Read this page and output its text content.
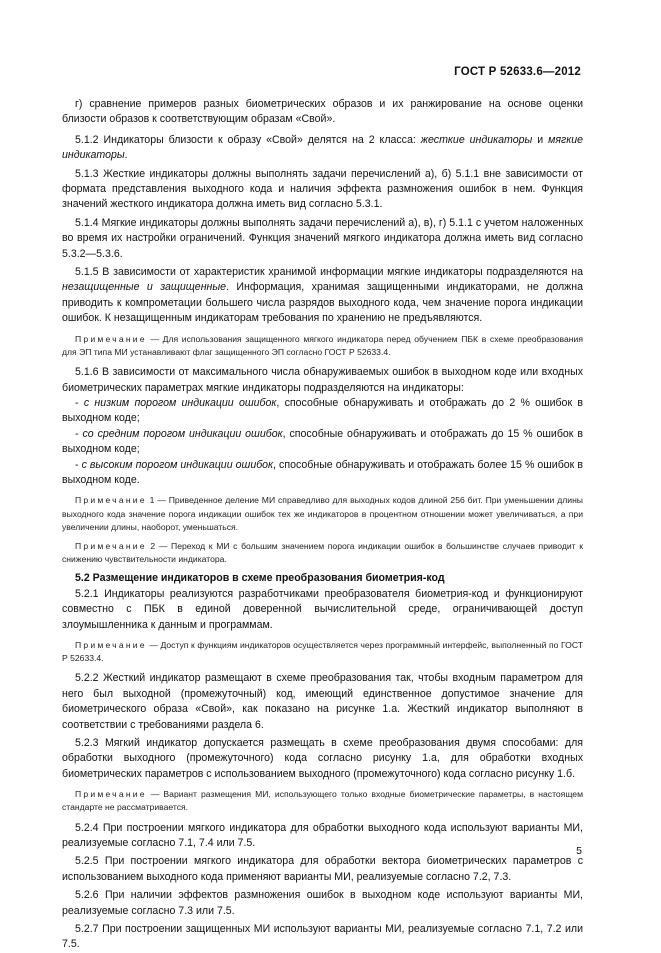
ГОСТ Р 52633.6—2012

г) сравнение примеров разных биометрических образов и их ранжирование на основе оценки близости образов к соответствующим образам «Свой».

5.1.2 Индикаторы близости к образу «Свой» делятся на 2 класса: жесткие индикаторы и мягкие индикаторы.

5.1.3 Жесткие индикаторы должны выполнять задачи перечислений а), б) 5.1.1 вне зависимости от формата представления выходного кода и наличия эффекта размножения ошибок в нем. Функция значений жесткого индикатора должна иметь вид согласно 5.3.1.

5.1.4 Мягкие индикаторы должны выполнять задачи перечислений а), в), г) 5.1.1 с учетом наложенных во время их настройки ограничений. Функция значений мягкого индикатора должна иметь вид согласно 5.3.2—5.3.6.

5.1.5 В зависимости от характеристик хранимой информации мягкие индикаторы подразделяются на незащищенные и защищенные. Информация, хранимая защищенными индикаторами, не должна приводить к компрометации большего числа разрядов выходного кода, чем значение порога индикации ошибок. К незащищенным индикаторам требования по хранению не предъявляются.

Примечание — Для использования защищенного мягкого индикатора перед обучением ПБК в схеме преобразования для ЭП типа МИ устанавливают флаг защищенного ЭП согласно ГОСТ Р 52633.4.

5.1.6 В зависимости от максимального числа обнаруживаемых ошибок в выходном коде или входных биометрических параметрах мягкие индикаторы подразделяются на индикаторы:

- с низким порогом индикации ошибок, способные обнаруживать и отображать до 2 % ошибок в выходном коде;

- со средним порогом индикации ошибок, способные обнаруживать и отображать до 15 % ошибок в выходном коде;

- с высоким порогом индикации ошибок, способные обнаруживать и отображать более 15 % ошибок в выходном коде.

Примечание 1 — Приведенное деление МИ справедливо для выходных кодов длиной 256 бит. При уменьшении длины выходного кода значение порога индикации ошибок тех же индикаторов в процентном отношении может увеличиваться, а при увеличении длины, наоборот, уменьшаться.

Примечание 2 — Переход к МИ с большим значением порога индикации ошибок в большинстве случаев приводит к снижению чувствительности индикатора.

5.2 Размещение индикаторов в схеме преобразования биометрия-код

5.2.1 Индикаторы реализуются разработчиками преобразователя биометрия-код и функционируют совместно с ПБК в единой доверенной вычислительной среде, ограничивающей доступ злоумышленника к данным и программам.

Примечание — Доступ к функциям индикаторов осуществляется через программный интерфейс, выполненный по ГОСТ Р 52633.4.

5.2.2 Жесткий индикатор размещают в схеме преобразования так, чтобы входным параметром для него был выходной (промежуточный) код, имеющий единственное допустимое значение для биометрического образа «Свой», как показано на рисунке 1.а. Жесткий индикатор выполняют в соответствии с требованиями раздела 6.

5.2.3 Мягкий индикатор допускается размещать в схеме преобразования двумя способами: для обработки выходного (промежуточного) кода согласно рисунку 1.а, для обработки входных биометрических параметров с использованием выходного (промежуточного) кода согласно рисунку 1.б.

Примечание — Вариант размещения МИ, использующего только входные биометрические параметры, в настоящем стандарте не рассматривается.

5.2.4 При построении мягкого индикатора для обработки выходного кода используют варианты МИ, реализуемые согласно 7.1, 7.4 или 7.5.

5.2.5 При построении мягкого индикатора для обработки вектора биометрических параметров с использованием выходного кода применяют варианты МИ, реализуемые согласно 7.2, 7.3.

5.2.6 При наличии эффектов размножения ошибок в выходном коде используют варианты МИ, реализуемые согласно 7.3 или 7.5.

5.2.7 При построении защищенных МИ используют варианты МИ, реализуемые согласно 7.1, 7.2 или 7.5.

5
